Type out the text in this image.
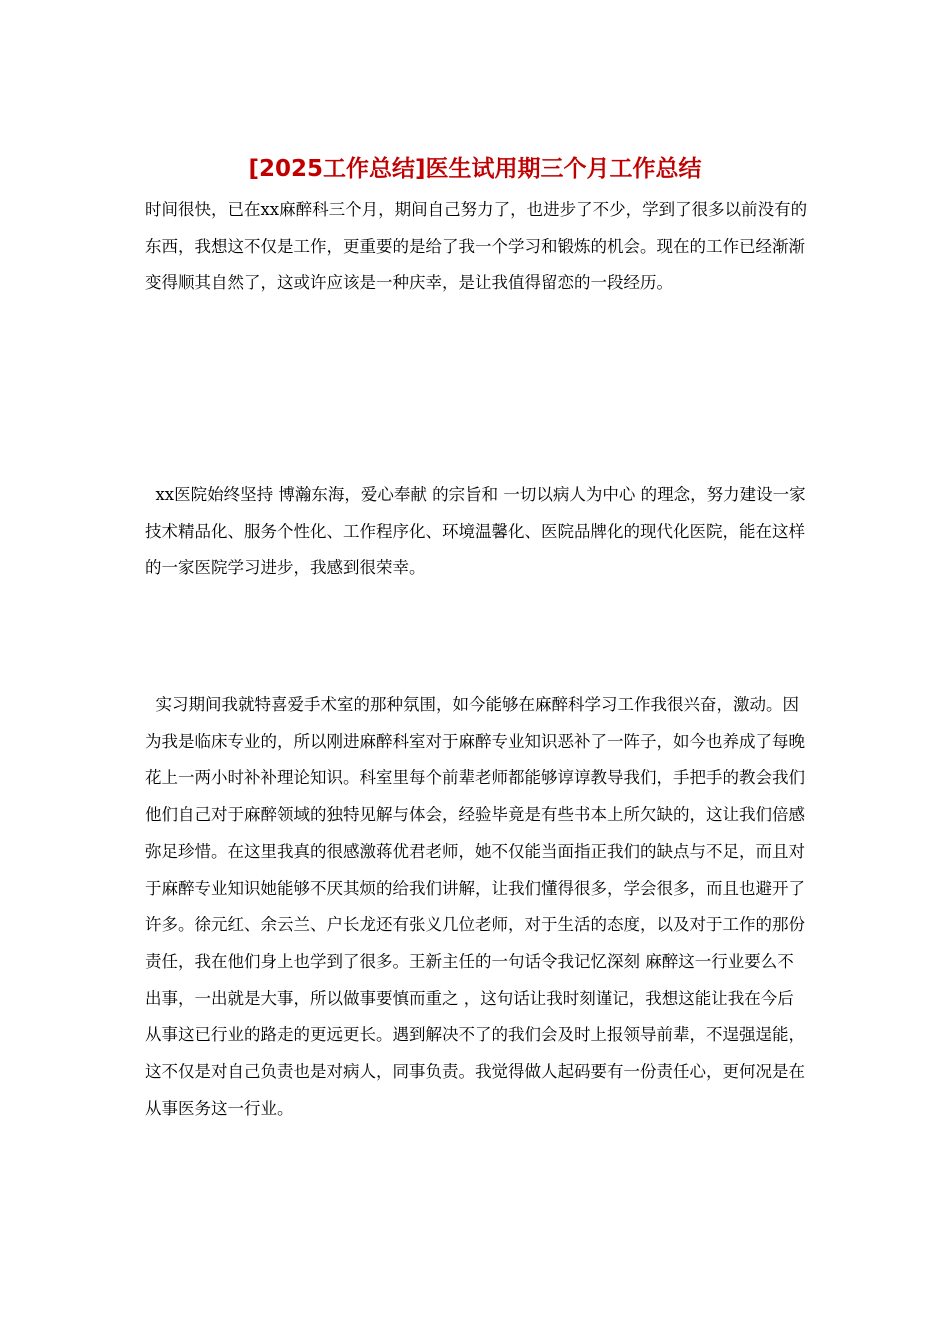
[2025工作总结]医生试用期三个月工作总结

时间很快，已在xx麻醉科三个月，期间自己努力了，也进步了不少，学到了很多以前没有的东西，我想这不仅是工作，更重要的是给了我一个学习和锻炼的机会。现在的工作已经渐渐变得顺其自然了，这或许应该是一种庆幸，是让我值得留恋的一段经历。

xx医院始终坚持 博瀚东海，爱心奉献 的宗旨和 一切以病人为中心 的理念，努力建设一家技术精品化、服务个性化、工作程序化、环境温馨化、医院品牌化的现代化医院，能在这样的一家医院学习进步，我感到很荣幸。

实习期间我就特喜爱手术室的那种氛围，如今能够在麻醉科学习工作我很兴奋，激动。因为我是临床专业的，所以刚进麻醉科室对于麻醉专业知识恶补了一阵子，如今也养成了每晚花上一两小时补补理论知识。科室里每个前辈老师都能够谆谆教导我们，手把手的教会我们他们自己对于麻醉领域的独特见解与体会，经验毕竟是有些书本上所欠缺的，这让我们倍感弥足珍惜。在这里我真的很感激蒋优君老师，她不仅能当面指正我们的缺点与不足，而且对于麻醉专业知识她能够不厌其烦的给我们讲解，让我们懂得很多，学会很多，而且也避开了许多。徐元红、余云兰、户长龙还有张义几位老师，对于生活的态度，以及对于工作的那份责任，我在他们身上也学到了很多。王新主任的一句话令我记忆深刻 麻醉这一行业要么不出事，一出就是大事，所以做事要慎而重之 ，这句话让我时刻谨记，我想这能让我在今后从事这已行业的路走的更远更长。遇到解决不了的我们会及时上报领导前辈，不逞强逞能，这不仅是对自己负责也是对病人，同事负责。我觉得做人起码要有一份责任心，更何况是在从事医务这一行业。
